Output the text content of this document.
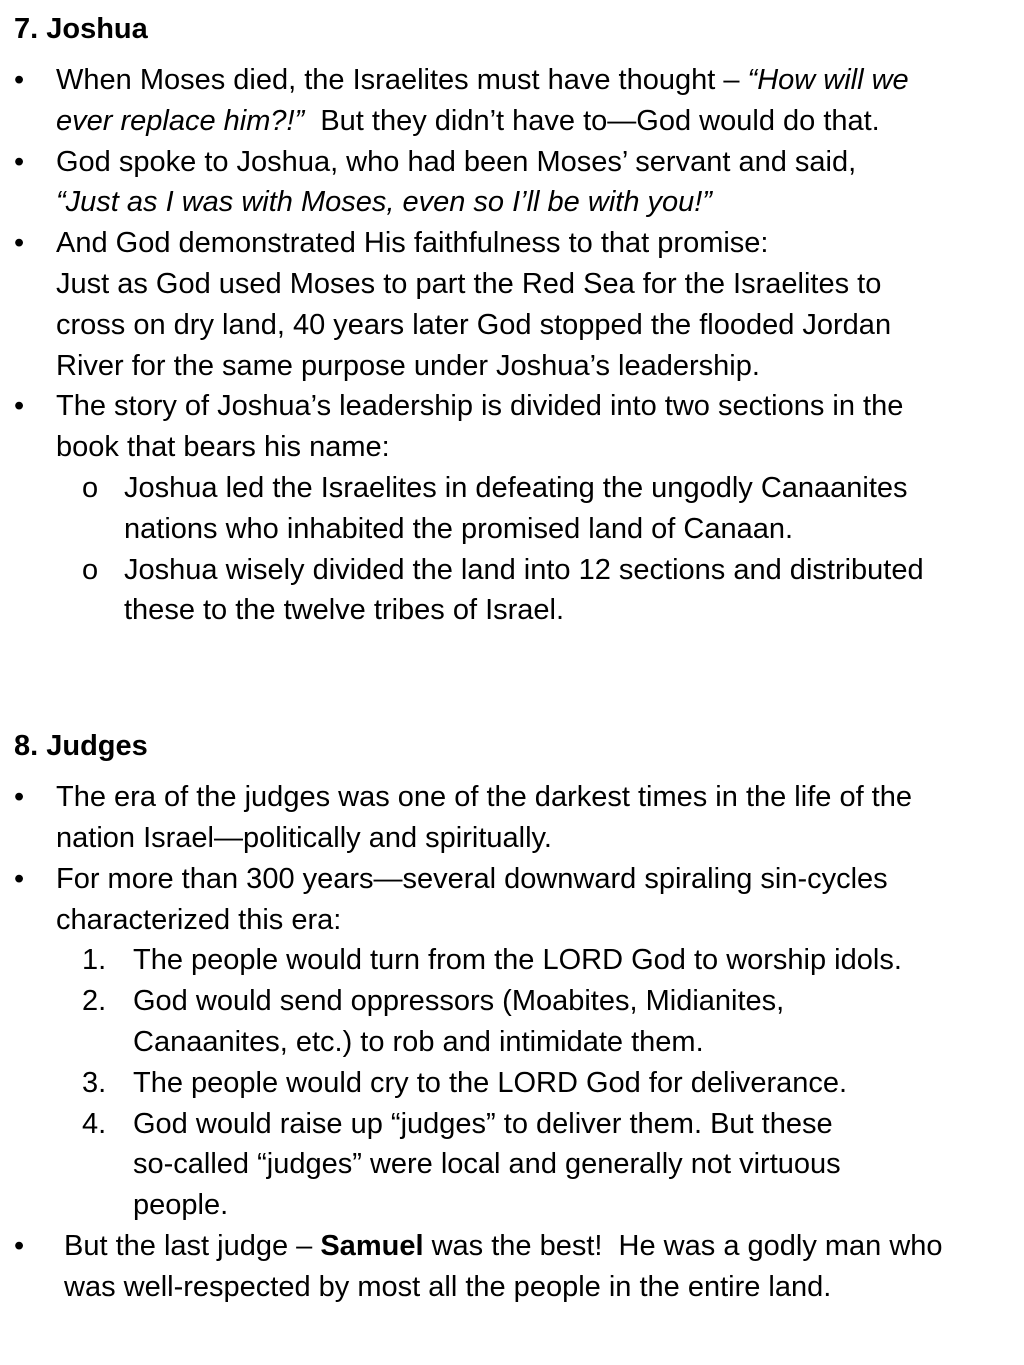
7. Joshua
• When Moses died, the Israelites must have thought – “How will we
ever replace him?!”  But they didn’t have to—God would do that.
• God spoke to Joshua, who had been Moses’ servant and said,
“Just as I was with Moses, even so I’ll be with you!”
• And God demonstrated His faithfulness to that promise:
Just as God used Moses to part the Red Sea for the Israelites to
cross on dry land, 40 years later God stopped the flooded Jordan
River for the same purpose under Joshua’s leadership.
• The story of Joshua’s leadership is divided into two sections in the
book that bears his name:
o Joshua led the Israelites in defeating the ungodly Canaanites
nations who inhabited the promised land of Canaan.
o Joshua wisely divided the land into 12 sections and distributed
these to the twelve tribes of Israel.
8. Judges
• The era of the judges was one of the darkest times in the life of the
nation Israel—politically and spiritually.
• For more than 300 years—several downward spiraling sin-cycles
characterized this era:
1. The people would turn from the LORD God to worship idols.
2. God would send oppressors (Moabites, Midianites,
Canaanites, etc.) to rob and intimidate them.
3. The people would cry to the LORD God for deliverance.
4. God would raise up “judges” to deliver them. But these
so-called “judges” were local and generally not virtuous
people.
• But the last judge – Samuel was the best!  He was a godly man who
was well-respected by most all the people in the entire land.
